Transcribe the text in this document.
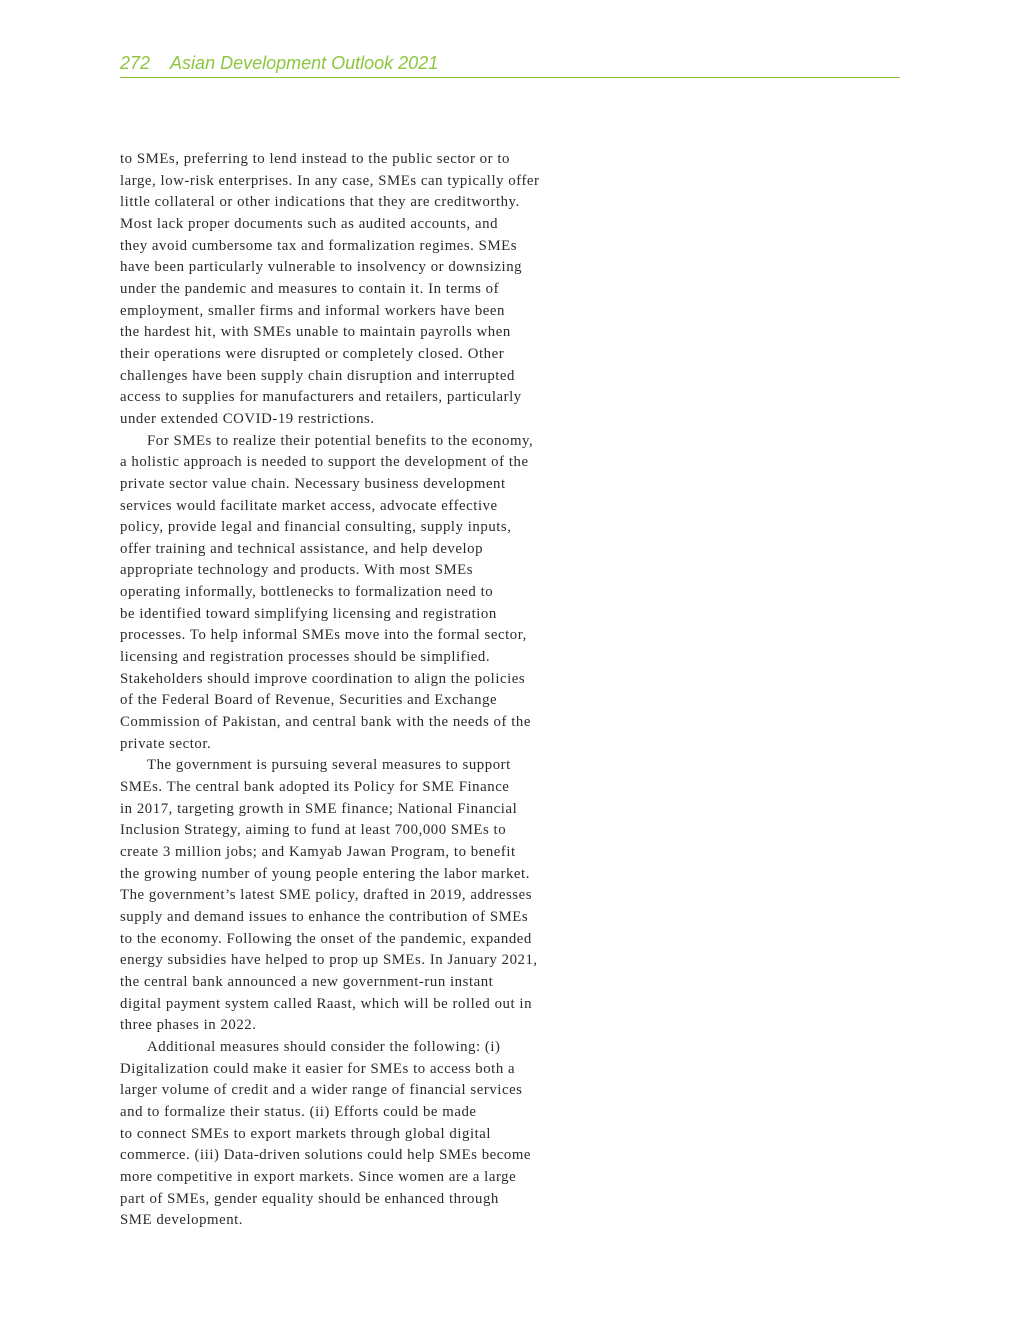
272 Asian Development Outlook 2021
to SMEs, preferring to lend instead to the public sector or to
large, low-risk enterprises. In any case, SMEs can typically offer
little collateral or other indications that they are creditworthy.
Most lack proper documents such as audited accounts, and
they avoid cumbersome tax and formalization regimes. SMEs
have been particularly vulnerable to insolvency or downsizing
under the pandemic and measures to contain it. In terms of
employment, smaller firms and informal workers have been
the hardest hit, with SMEs unable to maintain payrolls when
their operations were disrupted or completely closed. Other
challenges have been supply chain disruption and interrupted
access to supplies for manufacturers and retailers, particularly
under extended COVID-19 restrictions.
For SMEs to realize their potential benefits to the economy,
a holistic approach is needed to support the development of the
private sector value chain. Necessary business development
services would facilitate market access, advocate effective
policy, provide legal and financial consulting, supply inputs,
offer training and technical assistance, and help develop
appropriate technology and products. With most SMEs
operating informally, bottlenecks to formalization need to
be identified toward simplifying licensing and registration
processes. To help informal SMEs move into the formal sector,
licensing and registration processes should be simplified.
Stakeholders should improve coordination to align the policies
of the Federal Board of Revenue, Securities and Exchange
Commission of Pakistan, and central bank with the needs of the
private sector.
The government is pursuing several measures to support
SMEs. The central bank adopted its Policy for SME Finance
in 2017, targeting growth in SME finance; National Financial
Inclusion Strategy, aiming to fund at least 700,000 SMEs to
create 3 million jobs; and Kamyab Jawan Program, to benefit
the growing number of young people entering the labor market.
The government’s latest SME policy, drafted in 2019, addresses
supply and demand issues to enhance the contribution of SMEs
to the economy. Following the onset of the pandemic, expanded
energy subsidies have helped to prop up SMEs. In January 2021,
the central bank announced a new government-run instant
digital payment system called Raast, which will be rolled out in
three phases in 2022.
Additional measures should consider the following: (i)
Digitalization could make it easier for SMEs to access both a
larger volume of credit and a wider range of financial services
and to formalize their status. (ii) Efforts could be made
to connect SMEs to export markets through global digital
commerce. (iii) Data-driven solutions could help SMEs become
more competitive in export markets. Since women are a large
part of SMEs, gender equality should be enhanced through
SME development.
